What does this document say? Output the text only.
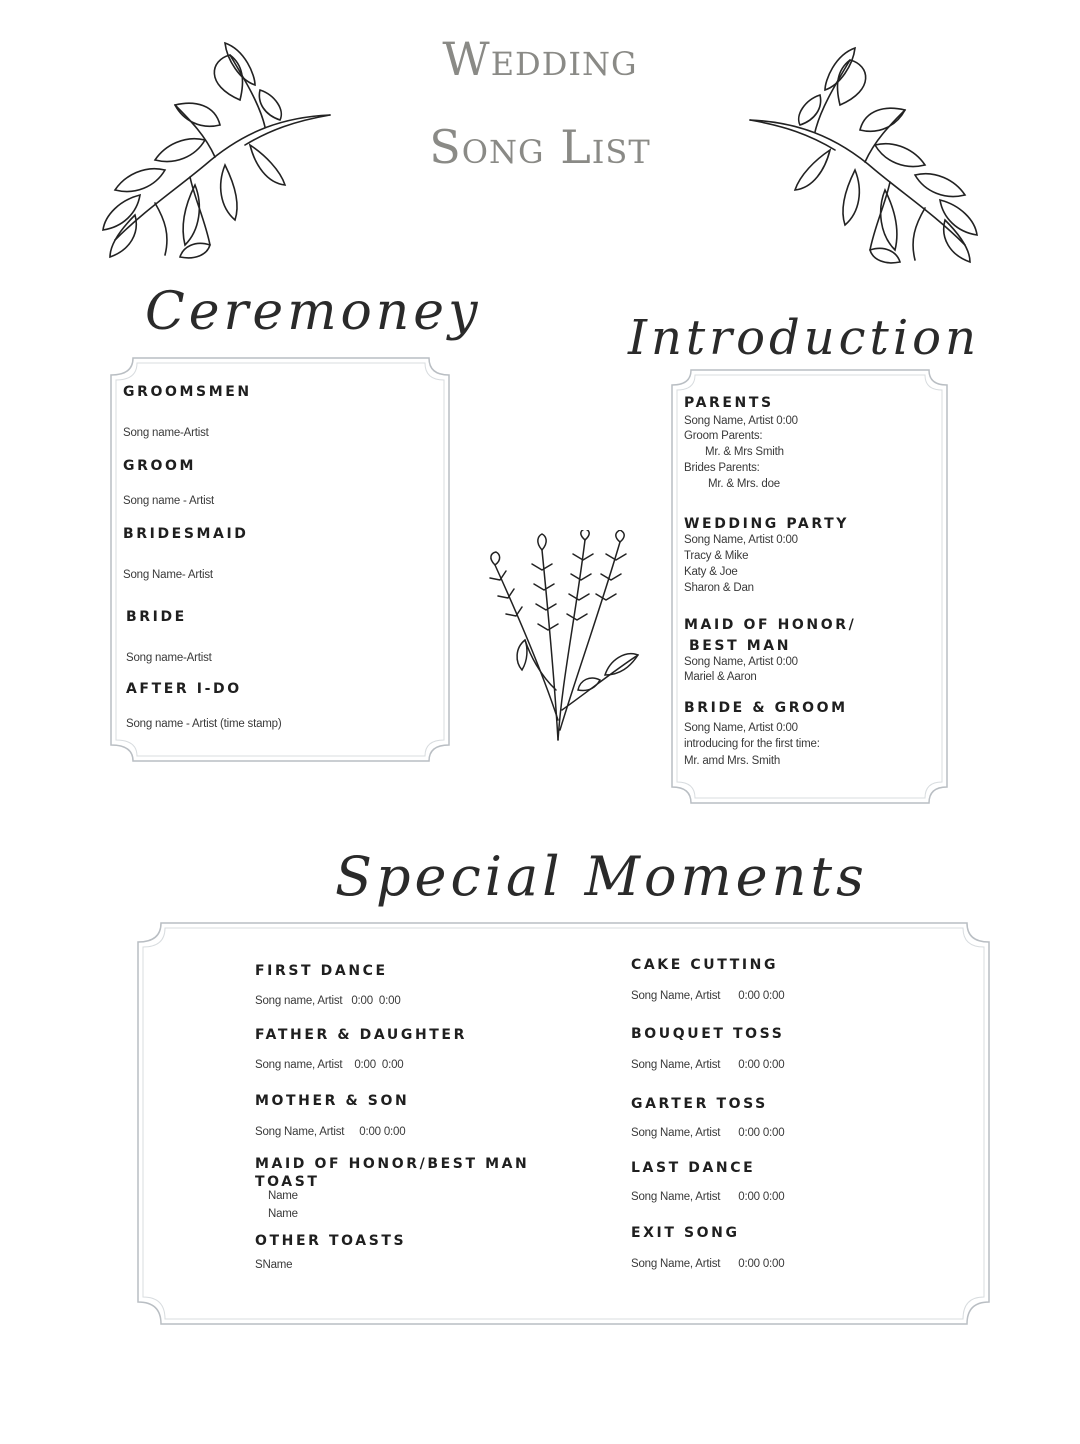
Wedding
Song List
Ceremoney	Introduction
Special Moments
GROOMSMEN
Song name-Artist
GROOM
Song name - Artist
BRIDESMAID
Song Name- Artist
BRIDE
Song name-Artist
AFTER I-DO
Song name - Artist (time stamp)
PARENTS
Song Name, Artist 0:00
Groom Parents:
Mr. & Mrs Smith
Brides Parents:
Mr. & Mrs. doe
WEDDING PARTY
Song Name, Artist 0:00
Tracy & Mike
Katy & Joe
Sharon & Dan
MAID OF HONOR/
BEST MAN
Song Name, Artist 0:00
Mariel & Aaron
BRIDE & GROOM
Song Name, Artist 0:00
introducing for the first time:
Mr. amd Mrs. Smith
FIRST DANCE
Song name, Artist   0:00  0:00
FATHER & DAUGHTER
Song name, Artist    0:00  0:00
MOTHER & SON
Song Name, Artist     0:00 0:00
MAID OF HONOR/BEST MAN
TOAST
Name
Name
OTHER TOASTS
SName
CAKE CUTTING
Song Name, Artist      0:00 0:00
BOUQUET TOSS
Song Name, Artist      0:00 0:00
GARTER TOSS
Song Name, Artist      0:00 0:00
LAST DANCE
Song Name, Artist      0:00 0:00
EXIT SONG
Song Name, Artist      0:00 0:00
